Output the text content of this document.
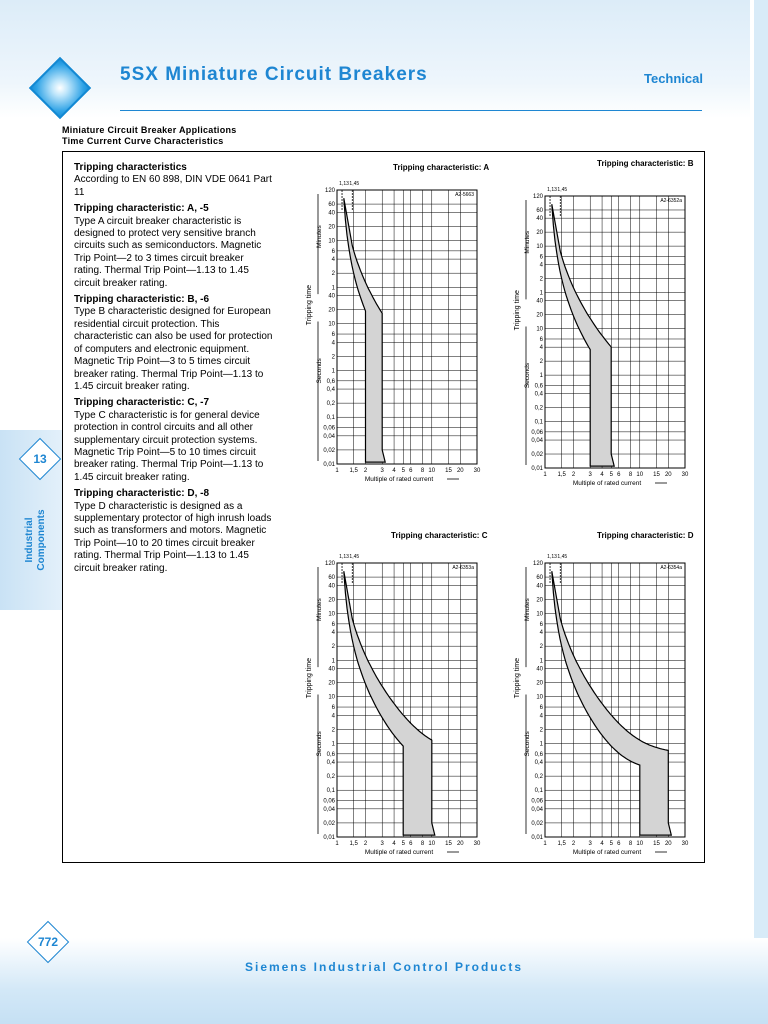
5SX Miniature Circuit Breakers	Technical
Miniature Circuit Breaker Applications
Time Current Curve Characteristics

Tripping characteristics

According to EN 60 898, DIN VDE 0641 Part 11

Tripping characteristic: A, -5

Type A circuit breaker characteristic is designed to protect very sensitive branch circuits such as semiconductors. Magnetic Trip Point—2 to 3 times circuit breaker rating. Thermal Trip Point—1.13 to 1.45 circuit breaker rating.

Tripping characteristic: B, -6

Type B characteristic designed for European residential circuit protection. This characteristic can also be used for protection of computers and electronic equipment. Magnetic Trip Point—3 to 5 times circuit breaker rating. Thermal Trip Point—1.13 to 1.45 circuit breaker rating.

Tripping characteristic: C, -7

Type C characteristic is for general device protection in control circuits and all other supplementary circuit protection systems. Magnetic Trip Point—5 to 10 times circuit breaker rating. Thermal Trip Point—1.13 to 1.45 circuit breaker rating.

Tripping characteristic: D, -8

Type D characteristic is designed as a supplementary protector of high inrush loads such as transformers and motors. Magnetic Trip Point—10 to 20 times circuit breaker rating. Thermal Trip Point—1.13 to 1.45 circuit breaker rating.

13
Industrial Components
Tripping characteristic: A
1 1,5 2 3 4 5 6 8 10 15 20 30
120
60
40
20
10
6
4
2
1
40
20
10
6
4
2
1
0,6
0,4
0,2
0,1
0,06
0,04
0,02
0,01
Multiple of rated current
Tripping time
Minutes
Seconds
1,13 1,45
A2-5663
Tripping characteristic: B
1 1,5 2 3 4 5 6 8 10 15 20 30
120
60
40
20
10
6
4
2
1
40
20
10
6
4
2
1
0,6
0,4
0,2
0,1
0,06
0,04
0,02
0,01
Multiple of rated current
Tripping time
Minutes
Seconds
1,13 1,45
A2-6352a
Tripping characteristic: C
1 1,5 2 3 4 5 6 8 10 15 20 30
120
60
40
20
10
6
4
2
1
40
20
10
6
4
2
1
0,6
0,4
0,2
0,1
0,06
0,04
0,02
0,01
Multiple of rated current
Tripping time
Minutes
Seconds
1,13 1,45
A2-6353a
Tripping characteristic: D
1 1,5 2 3 4 5 6 8 10 15 20 30
120
60
40
20
10
6
4
2
1
40
20
10
6
4
2
1
0,6
0,4
0,2
0,1
0,06
0,04
0,02
0,01
Multiple of rated current
Tripping time
Minutes
Seconds
1,13 1,45
A2-6354a
772
Siemens Industrial Control Products
